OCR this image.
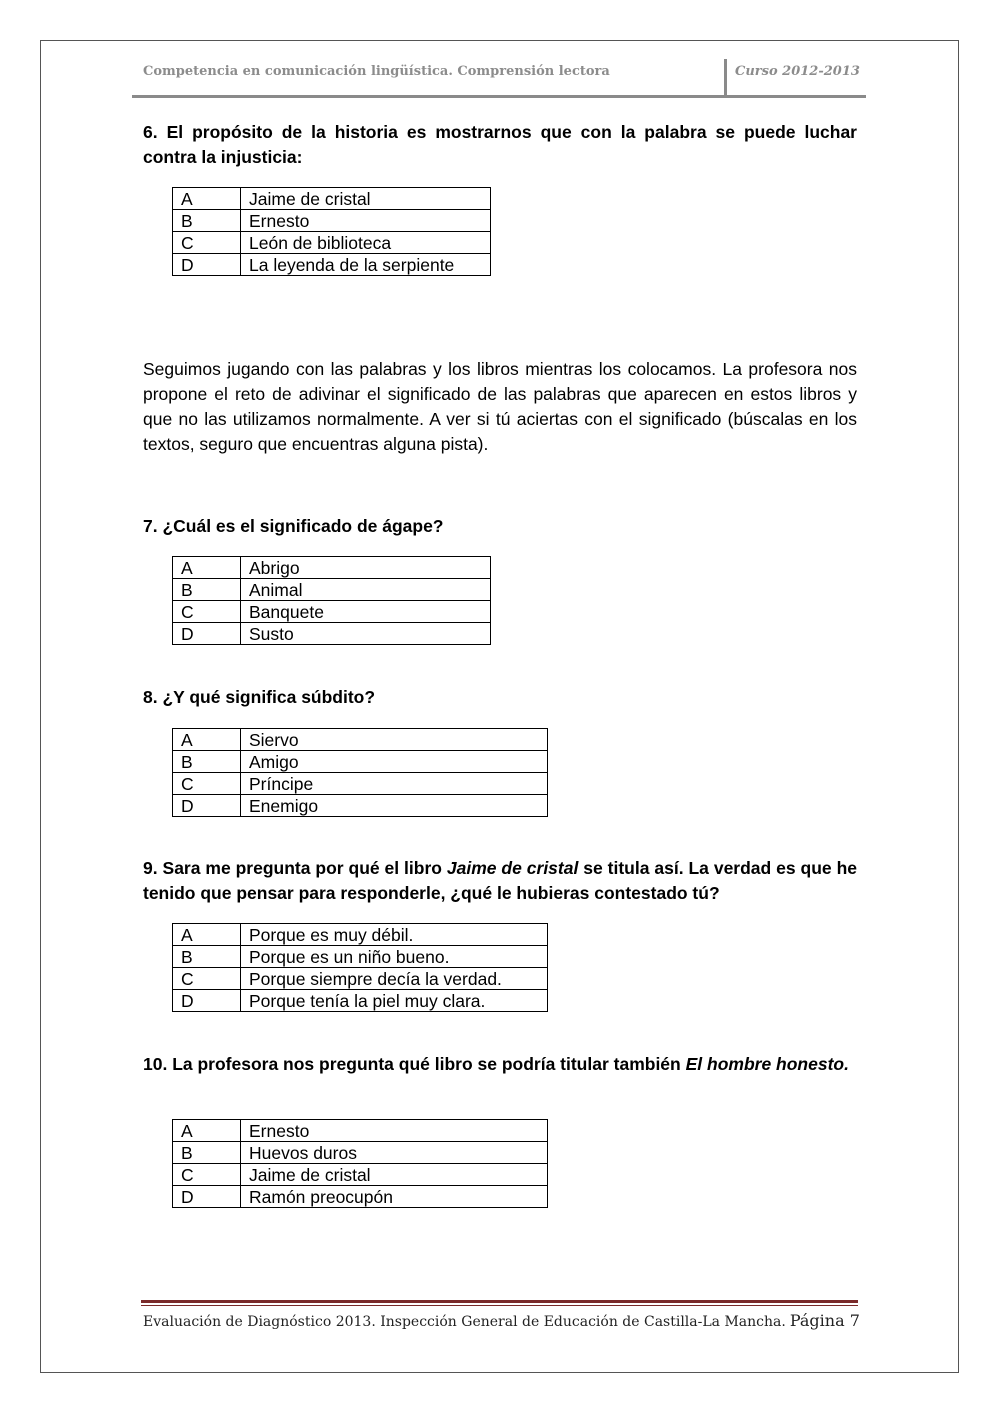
Competencia en comunicación lingüística. Comprensión lectora	Curso 2012-2013
6. El propósito de la historia es mostrarnos que con la palabra se puede luchar contra la injusticia:
A	Jaime de cristal
B	Ernesto
C	León de biblioteca
D	La leyenda de la serpiente
Seguimos jugando con las palabras y los libros mientras los colocamos. La profesora nos propone el reto de adivinar el significado de las palabras que aparecen en estos libros y que no las utilizamos normalmente. A ver si tú aciertas con el significado (búscalas en los textos, seguro que encuentras alguna pista).
7. ¿Cuál es el significado de ágape?
A	Abrigo
B	Animal
C	Banquete
D	Susto
8. ¿Y qué significa súbdito?
A	Siervo
B	Amigo
C	Príncipe
D	Enemigo
9. Sara me pregunta por qué el libro Jaime de cristal se titula así. La verdad es que he tenido que pensar para responderle, ¿qué le hubieras contestado tú?
A	Porque es muy débil.
B	Porque es un niño bueno.
C	Porque siempre decía la verdad.
D	Porque tenía la piel muy clara.
10. La profesora nos pregunta qué libro se podría titular también El hombre honesto.
A	Ernesto
B	Huevos duros
C	Jaime de cristal
D	Ramón preocupón
Evaluación de Diagnóstico 2013. Inspección General de Educación de Castilla-La Mancha. Página 7
